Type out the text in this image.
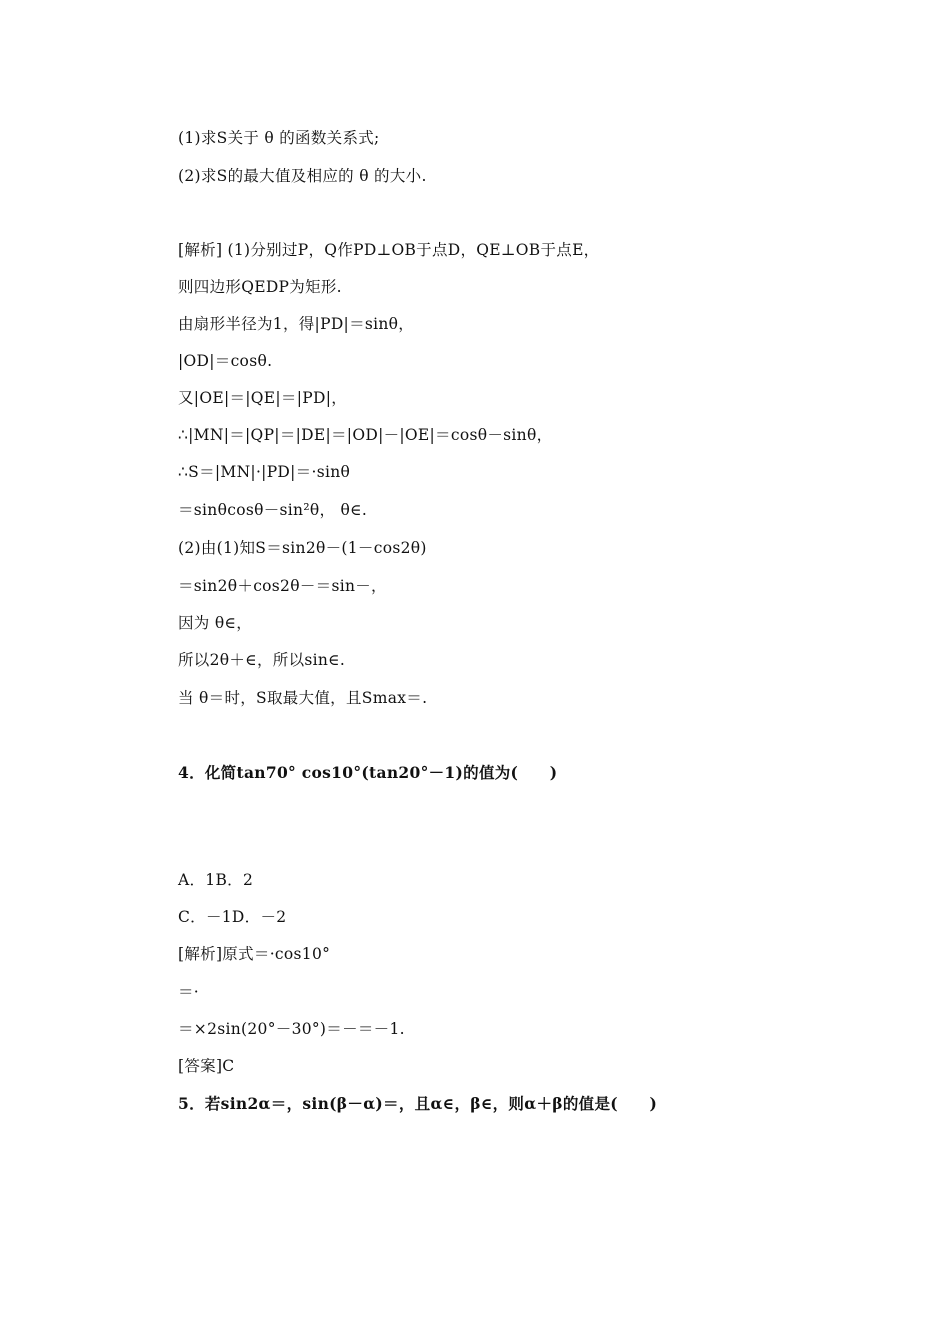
(1)求S关于 θ 的函数关系式;
(2)求S的最大值及相应的 θ 的大小.
[解析] (1)分别过P，Q作PD⊥OB于点D，QE⊥OB于点E，
则四边形QEDP为矩形.
由扇形半径为1，得|PD|＝sinθ，
|OD|＝cosθ.
又|OE|＝|QE|＝|PD|，
∴|MN|＝|QP|＝|DE|＝|OD|－|OE|＝cosθ－sinθ，
∴S＝|MN|·|PD|＝·sinθ
＝sinθcosθ－sin²θ， θ∈.
(2)由(1)知S＝sin2θ－(1－cos2θ)
＝sin2θ＋cos2θ－＝sin－，
因为 θ∈，
所以2θ＋∈，所以sin∈.
当 θ＝时，S取最大值，且Smax＝.
4．化简tan70° cos10°(tan20°－1)的值为(　　)
A．1B．2
C．－1D．－2
[解析]原式＝·cos10°
＝·
＝×2sin(20°－30°)＝－＝－1.
[答案]C
5．若sin2α＝，sin(β－α)＝，且α∈，β∈，则α＋β的值是(　　)
